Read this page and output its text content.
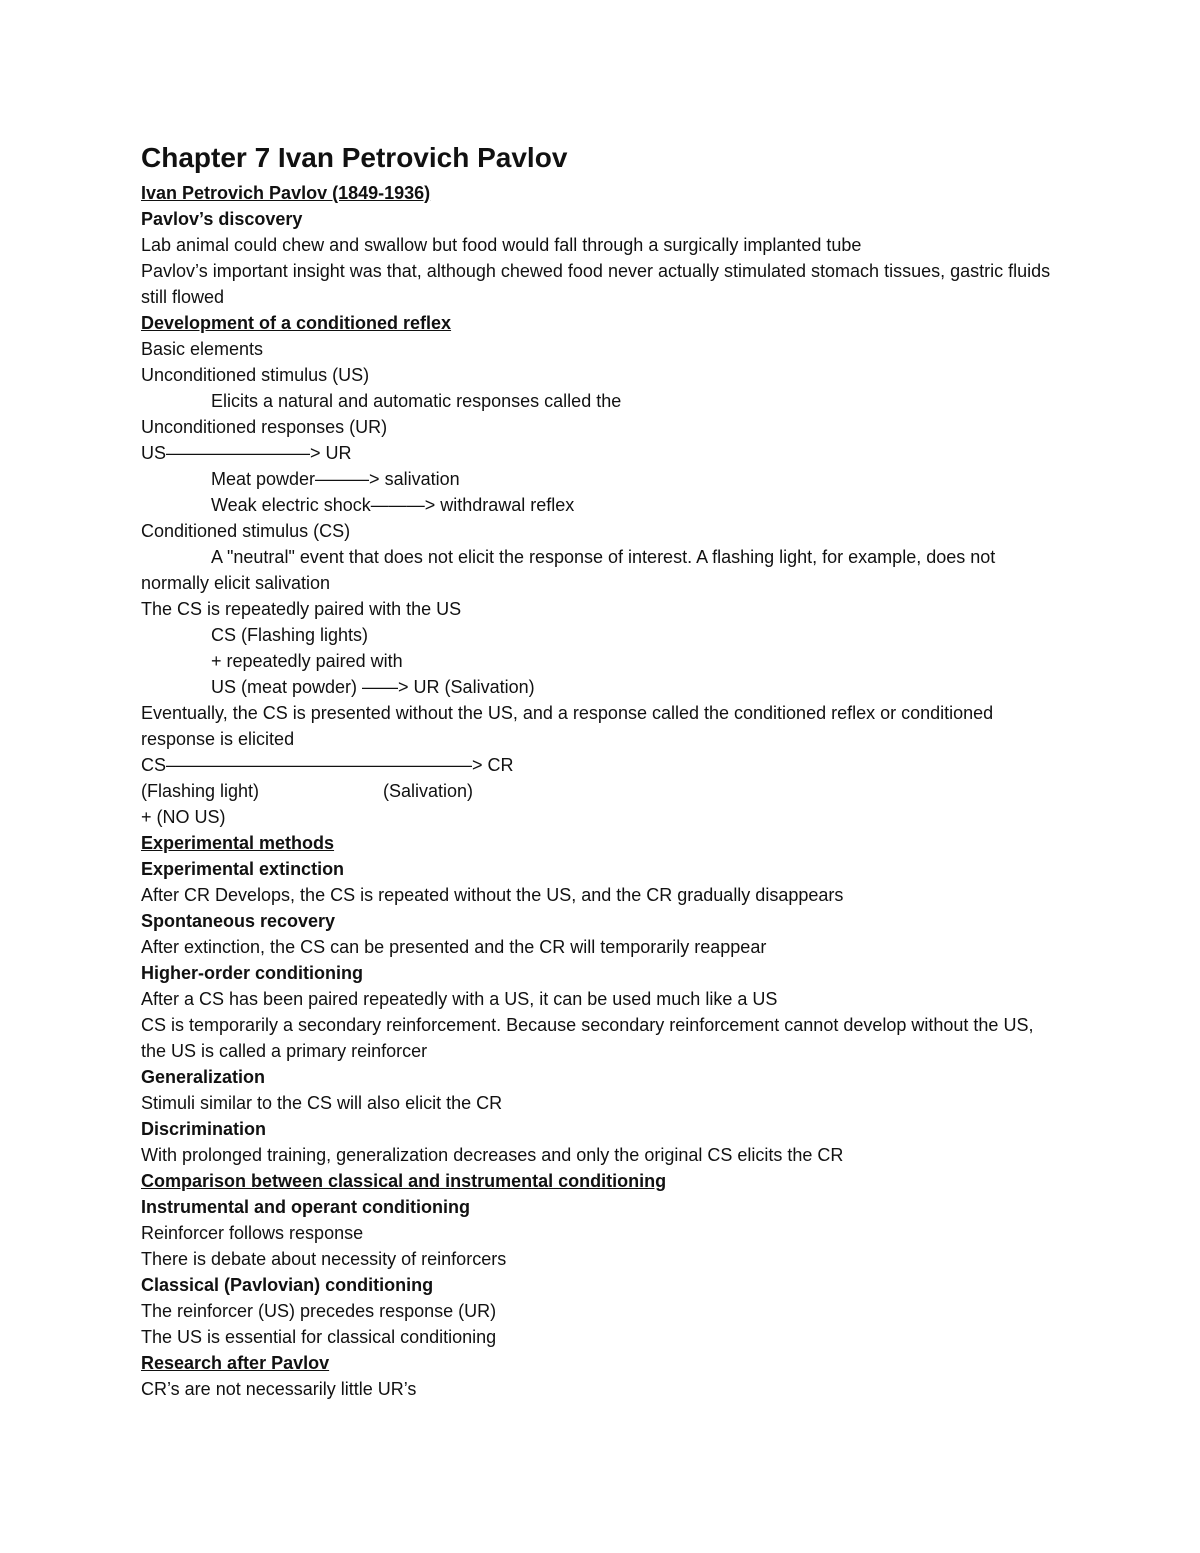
Chapter 7 Ivan Petrovich Pavlov
Ivan Petrovich Pavlov (1849-1936)
Pavlov’s discovery
Lab animal could chew and swallow but food would fall through a surgically implanted tube
Pavlov’s important insight was that, although chewed food never actually stimulated stomach tissues, gastric fluids still flowed
Development of a conditioned reflex
Basic elements
Unconditioned stimulus (US)
Elicits a natural and automatic responses called the
Unconditioned responses (UR)
US————————> UR
Meat powder———> salivation
Weak electric shock———> withdrawal reflex
Conditioned stimulus (CS)
A "neutral" event that does not elicit the response of interest. A flashing light, for example, does not normally elicit salivation
The CS is repeatedly paired with the US
CS (Flashing lights)
+ repeatedly paired with
US (meat powder) ——> UR (Salivation)
Eventually, the CS is presented without the US, and a response called the conditioned reflex or conditioned response is elicited
CS—————————————————> CR
(Flashing light)	(Salivation)
+ (NO US)
Experimental methods
Experimental extinction
After CR Develops, the CS is repeated without the US, and the CR gradually disappears
Spontaneous recovery
After extinction, the CS can be presented and the CR will temporarily reappear
Higher-order conditioning
After a CS has been paired repeatedly with a US, it can be used much like a US
CS is temporarily a secondary reinforcement. Because secondary reinforcement cannot develop without the US, the US is called a primary reinforcer
Generalization
Stimuli similar to the CS will also elicit the CR
Discrimination
With prolonged training, generalization decreases and only the original CS elicits the CR
Comparison between classical and instrumental conditioning
Instrumental and operant conditioning
Reinforcer follows response
There is debate about necessity of reinforcers
Classical (Pavlovian) conditioning
The reinforcer (US) precedes response (UR)
The US is essential for classical conditioning
Research after Pavlov
CR’s are not necessarily little UR’s
